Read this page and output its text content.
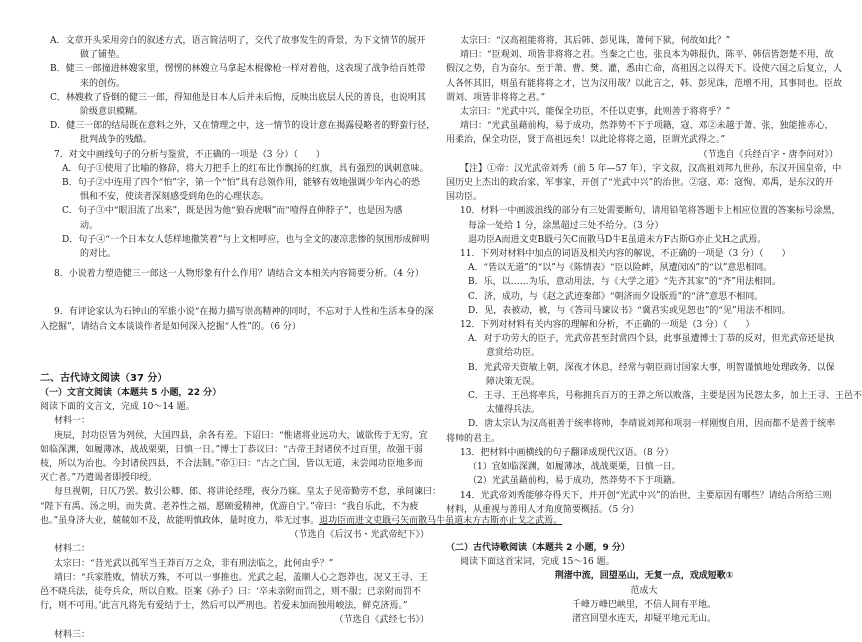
A．文章开头采用旁白的叙述方式，语言简洁明了，交代了故事发生的背景，为下文情节的展开
做了铺垫。
B．健三一郎撞进林嫂家里，愣愣的林嫂立马拿起木棍像枪一样对着他，这表现了战争给百姓带
来的创伤。
C．林嫂救了昏倒的健三一郎，得知他是日本人后并未后悔，反映出底层人民的善良，也说明其
阶级意识模糊。
D．健三一郎的结局既在意料之外，又在情理之中，这一情节的设计意在揭露侵略者的野蛮行径，
批判战争的残酷。
7．对文中画线句子的分析与鉴赏，不正确的一项是（3 分）（　　）
A．句子①使用了比喻的修辞，将大刀把手上的红布比作飘扬的红旗，具有强烈的讽刺意味。
B．句子②中连用了四个“怕”字，第一个“怕”具有总领作用，能够有效地强调少年内心的恐
惧和不安，使读者深刻感受到角色的心理状态。
C．句子③中“眼泪流了出来”，既是因为他“狼吞虎咽”而“噎得直伸脖子”，也是因为感
动。
D．句子④“一个日本女人恁样地撒笑着”与上文相呼应，也与全文的凄凉悲惨的氛围形成鲜明
的对比。
8．小说着力塑造健三一郎这一人物形象有什么作用？请结合文本相关内容简要分析。（4 分）
9．有评论家认为石钟山的军旅小说“在揭力描写崇高精神的同时，不忘对于人性和生活本身的深
入挖掘”，请结合文本谈谈作者是如何深入挖掘“人性”的。（6 分）
二、古代诗文阅读（37 分）
（一）文言文阅读（本题共 5 小题，22 分）
阅读下面的文言文，完成 10～14 题。
材料一：
庚辰，封功臣皆为列侯，大国四县，余各有差。下诏曰：“惟诸将业远功大，诚欲传于无穷，宜
如临深渊，如履薄冰，战战栗栗，日慎一日。”博士丁恭议曰：“古帝王封诸侯不过百里，故强干弱
枝，所以为治也。今封诸侯四县，不合法制。”帝①曰：“古之亡国，皆以无道，未尝闻功臣地多而
灭亡者。”乃遣谒者即授印绶。
每旦视朝，日仄乃罢。数引公卿、郎、将讲论经理，夜分乃寐。皇太子见帝勤劳不怠，承间谏曰：
“陛下有禹、汤之明，而失黄、老养性之福，愿颐爱精神，优游自宁。”帝曰：“我自乐此，不为疲
也。”虽身济大业，兢兢如不及，故能明慎政体，量时度力，举无过事。退功臣而进文吏戢弓矢而散马牛虽道未方古斯亦止戈之武焉。
（节选自《后汉书・光武帝纪下》）
材料二：
太宗曰：“昔光武以孤军当王莽百万之众，非有刑法临之，此何由乎？”
靖曰：“兵家胜败，情状万殊，不可以一事推也。光武之起，盖顺人心之怨莽也，况又王寻、王
邑不晓兵法，徒夸兵众，所以自败。臣案《孙子》曰：‘卒未亲附而罚之，则不服；已亲附而罚不
行，则不可用。’此言凡将先有爱结于士，然后可以严刑也。若爱未加而独用峻法，鲜克济焉。”
（节选自《武经七书》）
材料三：
太宗曰：“汉高祖能将将，其后韩、彭见诛，萧何下狱，何故如此？”
靖曰：“臣观刘、项皆非将将之君。当秦之亡也，张良本为韩报仇，陈平、韩信皆怨楚不用，故
假汉之势，自为奋尔。至于萧、曹、樊、灌，悉由亡命，高祖因之以得天下。设使六国之后复立，人
人各怀其旧，则虽有能将将之才，岂为汉用哉？以此言之，韩、彭见诛，范增不用，其事同也。臣故
谓刘、项皆非将将之君。”
太宗曰：“光武中兴，能保全功臣，不任以吏事，此则善于将将乎？”
靖曰：“光武虽藉前构，易于成功，然莽势不下于项籍，寇、邓②未越于萧、张，独能推赤心，
用柔治，保全功臣，贤于高祖远矣！以此论将将之道，臣谓光武得之。”
（节选自《兵经百字・唐李问对》）
【注】①帝：汉光武帝刘秀（前 5 年—57 年），字文叔，汉高祖刘邦九世孙，东汉开国皇帝，中
国历史上杰出的政治家、军事家，开创了“光武中兴”的治世。②寇、邓：寇恂、邓禹，是东汉的开
国功臣。
10．材料一中画波浪线的部分有三处需要断句，请用铅笔将答题卡上相应位置的答案标号涂黑，
每涂一处给 1 分，涂黑超过三处不给分。（3 分）
退功臣A而进文吏B戢弓矢C而散马D牛E虽道未方F古斯G亦止戈H之武焉。
11．下列对材料中加点的词语及相关内容的解说，不正确的一项是（3 分）（　　）
A．“皆以无道”的“以”与《陈情表》“臣以险衅，夙遭闵凶”的“以”意思相同。
B．乐，以……为乐，意动用法，与《大学之道》“先齐其家”的“齐”用法相同。
C．济，成功，与《赵之武迹秦郎》“朝济而夕设版焉”的“济”意思不相同。
D．见，表被动，被，与《答司马谏议书》“冀君实或见恕也”的“见”用法不相同。
12．下列对材料有关内容的理解和分析，不正确的一项是（3 分）（　　）
A．对于功劳大的臣子，光武帝甚至封赏四个县，此事虽遭博士丁恭的反对，但光武帝还是执
意赏给功臣。
B．光武帝天资敏上朝，深夜才休息，经常与朝臣商讨国家大事，明智谨慎地处理政务，以保
障决策无误。
C．王寻、王邑将率兵，号称拥兵百万的王莽之所以败落，主要是因为民怨太多，加上王寻、王邑不
太懂得兵法。
D．唐太宗认为汉高祖善于统率将帅，李靖说刘邦和项羽一样刚愎自用，因而都不是善于统率
将帅的君主。
13．把材料中画横线的句子翻译成现代汉语。（8 分）
（1）宜如临深渊，如履薄冰，战战栗栗，日慎一日。
（2）光武虽藉前构，易于成功，然莽势不下于项籍。
14．光武帝刘秀能够夺得天下，并开创“光武中兴”的治世，主要原因有哪些？请结合所给三则
材料，从重视与善用人才角度简要概括。（5 分）
（二）古代诗歌阅读（本题共 2 小题，9 分）
阅读下面这首宋词，完成 15～16 题。
荆渚中流，回望巫山，无复一点，戏成短歌①
范成大
千峰万峰巴峡里，不信人间有平地。
渚宫回望水连天，却疑平地元无山。
